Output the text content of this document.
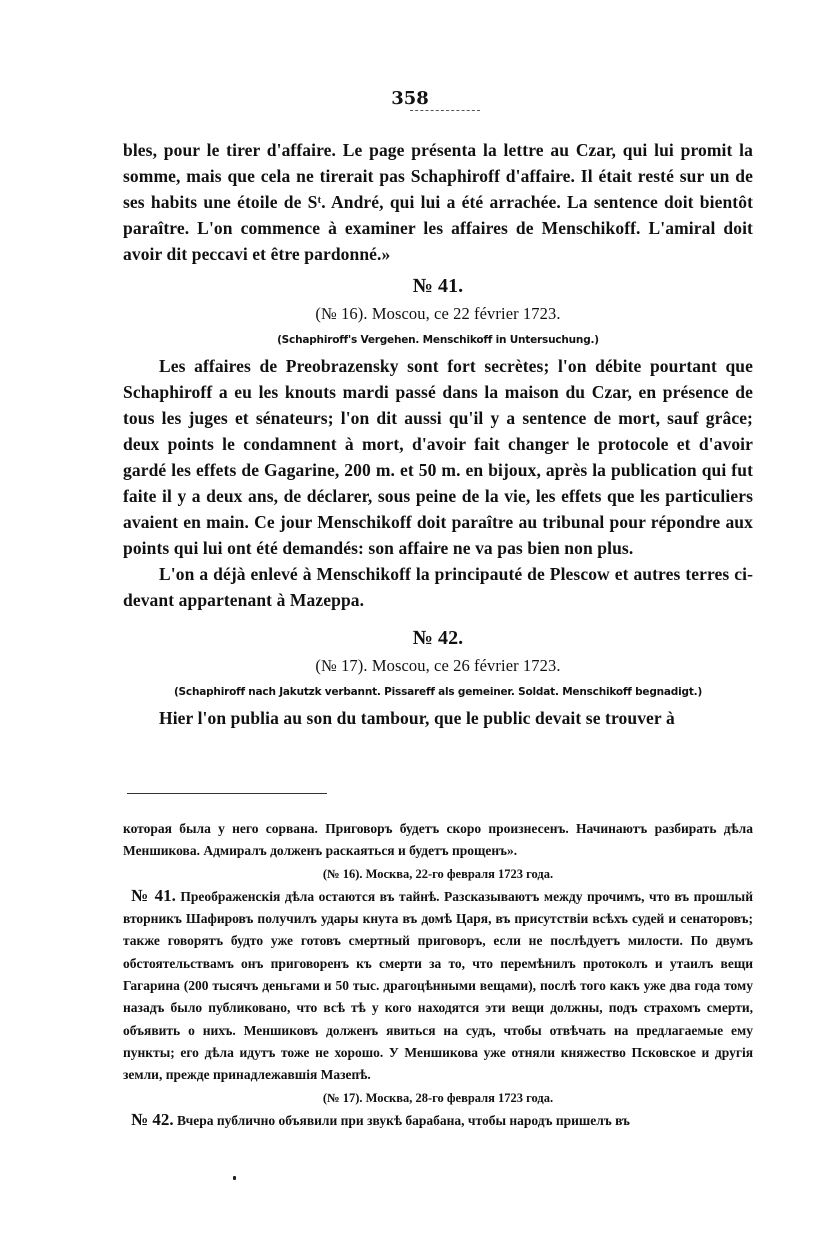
358

bles, pour le tirer d'affaire. Le page présenta la lettre au Czar, qui lui promit la somme, mais que cela ne tirerait pas Schaphiroff d'affaire. Il était resté sur un de ses habits une étoile de Sᵗ. André, qui lui a été arrachée. La sentence doit bientôt paraître. L'on commence à examiner les affaires de Menschikoff. L'amiral doit avoir dit peccavi et être pardonné.»

№ 41.

(№ 16). Moscou, ce 22 février 1723.

(Schaphiroff's Vergehen. Menschikoff in Untersuchung.)

Les affaires de Preobrazensky sont fort secrètes; l'on débite pourtant que Schaphiroff a eu les knouts mardi passé dans la maison du Czar, en présence de tous les juges et sénateurs; l'on dit aussi qu'il y a sentence de mort, sauf grâce; deux points le condamnent à mort, d'avoir fait changer le protocole et d'avoir gardé les effets de Gagarine, 200 m. et 50 m. en bijoux, après la publication qui fut faite il y a deux ans, de déclarer, sous peine de la vie, les effets que les particuliers avaient en main. Ce jour Menschikoff doit paraître au tribunal pour répondre aux points qui lui ont été demandés: son affaire ne va pas bien non plus.

L'on a déjà enlevé à Menschikoff la principauté de Plescow et autres terres ci-devant appartenant à Mazeppa.

№ 42.

(№ 17). Moscou, ce 26 février 1723.

(Schaphiroff nach Jakutzk verbannt. Pissareff als gemeiner. Soldat. Menschikoff begnadigt.)

Hier l'on publia au son du tambour, que le public devait se trouver à

которая была у него сорвана. Приговоръ будетъ скоро произнесенъ. Начинаютъ разбирать дѣла Меншикова. Адмиралъ долженъ раскаяться и будетъ прощенъ».

(№ 16). Москва, 22-го февраля 1723 года.

№ 41. Преображенскія дѣла остаются въ тайнѣ. Разсказываютъ между прочимъ, что въ прошлый вторникъ Шафировъ получилъ удары кнута въ домѣ Царя, въ присутствіи всѣхъ судей и сенаторовъ; также говорятъ будто уже готовъ смертный приговоръ, если не послѣдуетъ милости. По двумъ обстоятельствамъ онъ приговоренъ къ смерти за то, что перемѣнилъ протоколъ и утаилъ вещи Гагарина (200 тысячъ деньгами и 50 тыс. драгоцѣнными вещами), послѣ того какъ уже два года тому назадъ было публиковано, что всѣ тѣ у кого находятся эти вещи должны, подъ страхомъ смерти, объявить о нихъ. Меншиковъ долженъ явиться на судъ, чтобы отвѣчать на предлагаемые ему пункты; его дѣла идутъ тоже не хорошо. У Меншикова уже отняли княжество Псковское и другія земли, прежде принадлежавшія Мазепѣ.

(№ 17). Москва, 28-го февраля 1723 года.

№ 42. Вчера публично объявили при звукѣ барабана, чтобы народъ пришелъ въ
